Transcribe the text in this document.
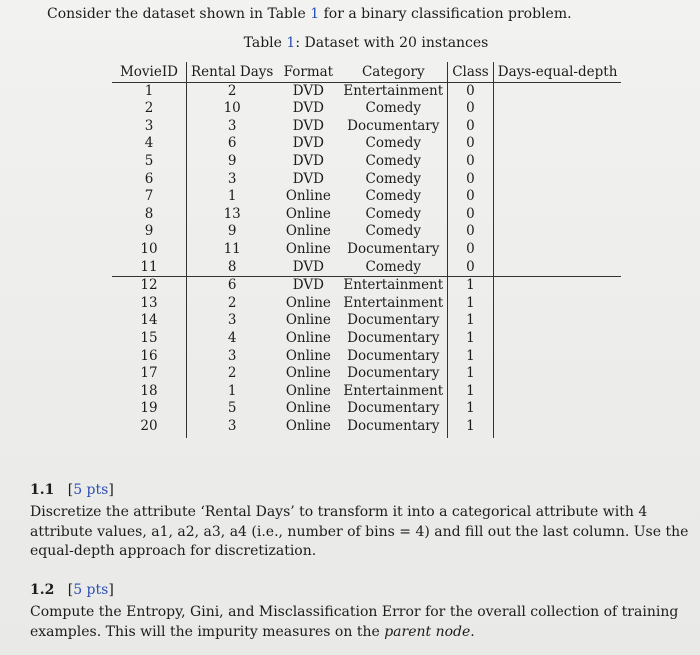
Consider the dataset shown in Table 1 for a binary classification problem.
Table 1: Dataset with 20 instances
MovieID	Rental Days	Format	Category	Class	Days-equal-depth
1	2	DVD	Entertainment	0	
2	10	DVD	Comedy	0	
3	3	DVD	Documentary	0	
4	6	DVD	Comedy	0	
5	9	DVD	Comedy	0	
6	3	DVD	Comedy	0	
7	1	Online	Comedy	0	
8	13	Online	Comedy	0	
9	9	Online	Comedy	0	
10	11	Online	Documentary	0	
11	8	DVD	Comedy	0	
12	6	DVD	Entertainment	1	
13	2	Online	Entertainment	1	
14	3	Online	Documentary	1	
15	4	Online	Documentary	1	
16	3	Online	Documentary	1	
17	2	Online	Documentary	1	
18	1	Online	Entertainment	1	
19	5	Online	Documentary	1	
20	3	Online	Documentary	1	
1.1 [5 pts]
Discretize the attribute ‘Rental Days’ to transform it into a categorical attribute with 4 attribute values, a1, a2, a3, a4 (i.e., number of bins = 4) and fill out the last column. Use the equal-depth approach for discretization.
1.2 [5 pts]
Compute the Entropy, Gini, and Misclassification Error for the overall collection of training examples. This will the impurity measures on the parent node.
